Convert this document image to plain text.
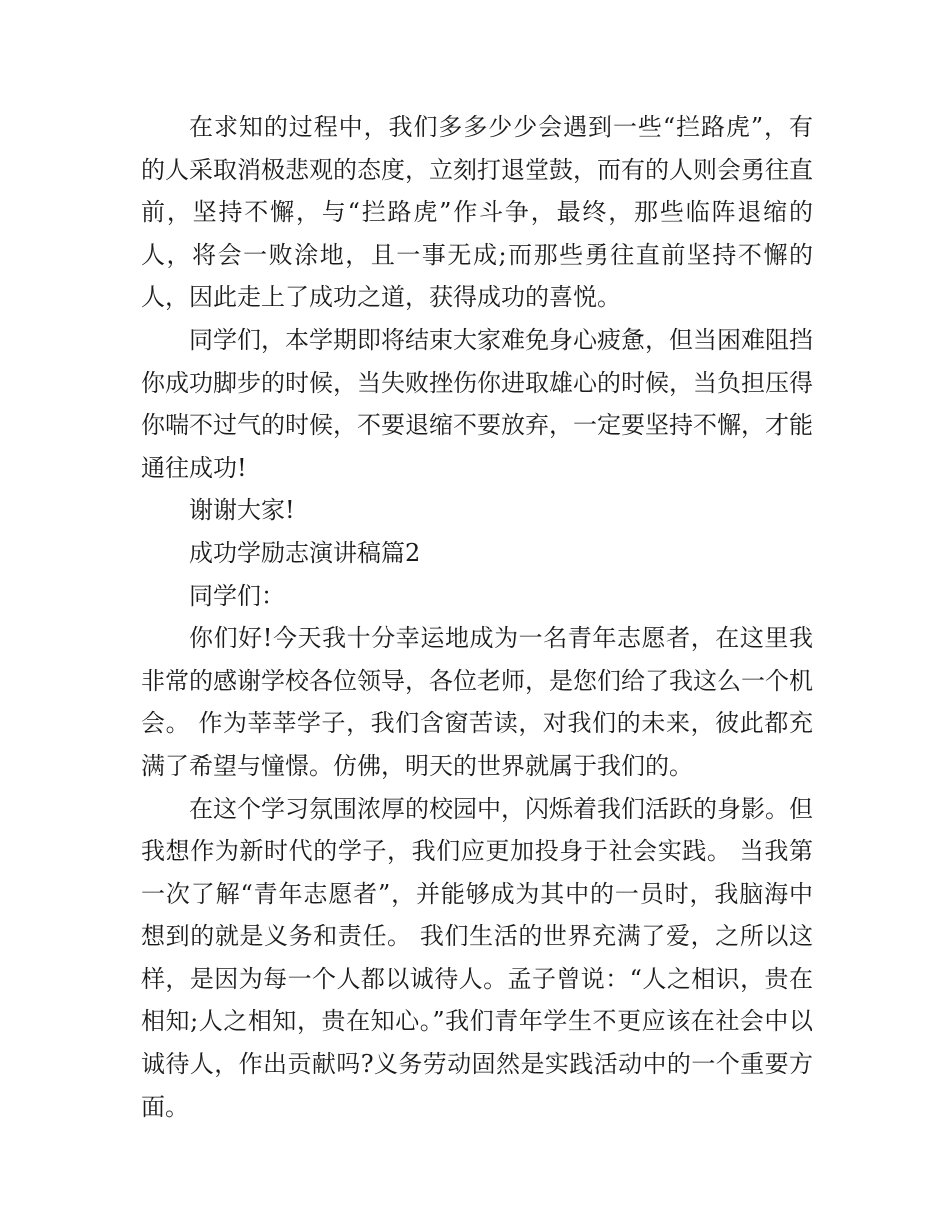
在求知的过程中，我们多多少少会遇到一些“拦路虎”，有的人采取消极悲观的态度，立刻打退堂鼓，而有的人则会勇往直前，坚持不懈，与“拦路虎”作斗争，最终，那些临阵退缩的人，将会一败涂地，且一事无成;而那些勇往直前坚持不懈的人，因此走上了成功之道，获得成功的喜悦。

同学们，本学期即将结束大家难免身心疲惫，但当困难阻挡你成功脚步的时候，当失败挫伤你进取雄心的时候，当负担压得你喘不过气的时候，不要退缩不要放弃，一定要坚持不懈，才能通往成功!

谢谢大家!

成功学励志演讲稿篇2

同学们：

你们好!今天我十分幸运地成为一名青年志愿者，在这里我非常的感谢学校各位领导，各位老师，是您们给了我这么一个机会。 作为莘莘学子，我们含窗苦读，对我们的未来，彼此都充满了希望与憧憬。仿佛，明天的世界就属于我们的。

在这个学习氛围浓厚的校园中，闪烁着我们活跃的身影。但我想作为新时代的学子，我们应更加投身于社会实践。 当我第一次了解“青年志愿者”，并能够成为其中的一员时，我脑海中想到的就是义务和责任。 我们生活的世界充满了爱，之所以这样，是因为每一个人都以诚待人。孟子曾说：“人之相识，贵在相知;人之相知，贵在知心。”我们青年学生不更应该在社会中以诚待人，作出贡献吗?义务劳动固然是实践活动中的一个重要方面。
